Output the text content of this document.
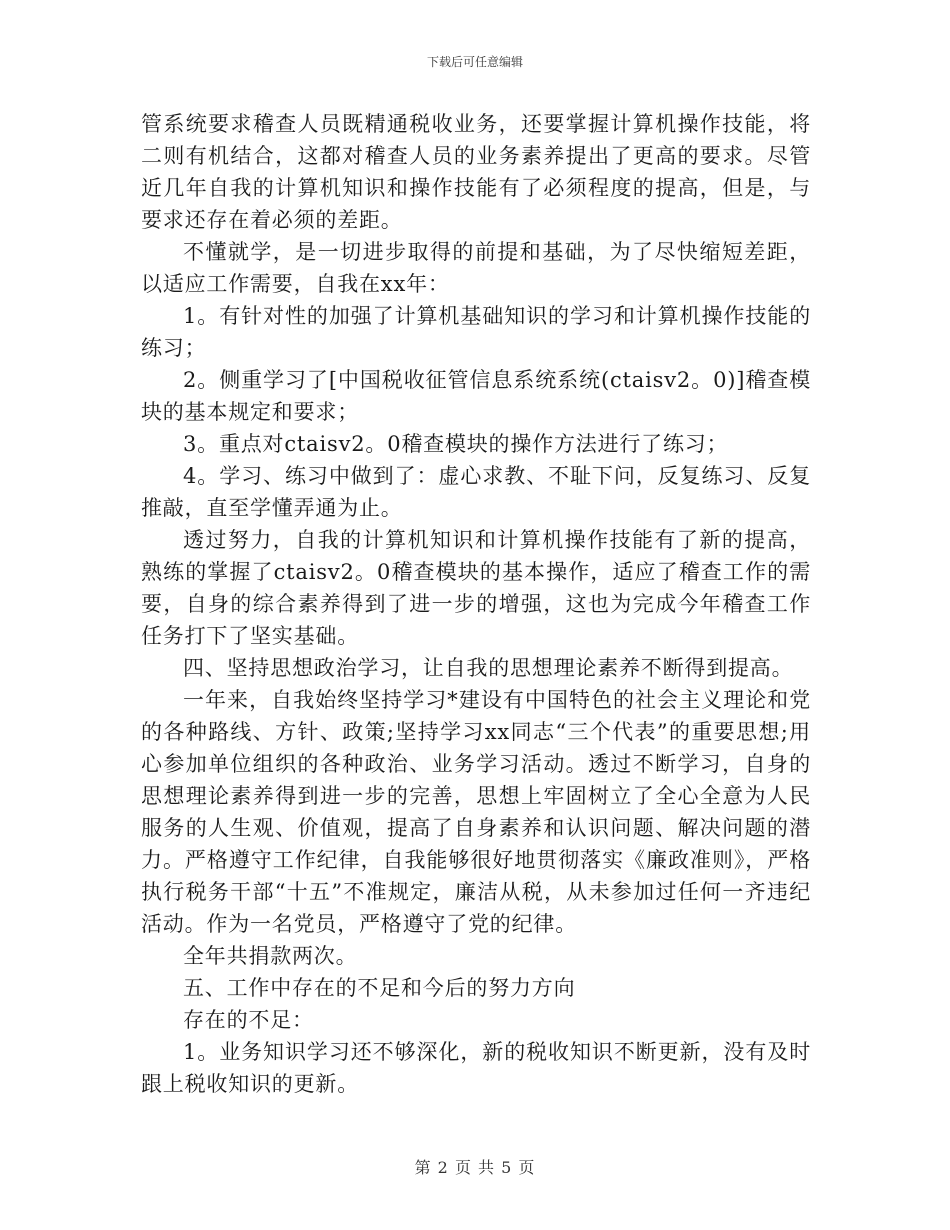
下载后可任意编辑

管系统要求稽查人员既精通税收业务，还要掌握计算机操作技能，将二则有机结合，这都对稽查人员的业务素养提出了更高的要求。尽管近几年自我的计算机知识和操作技能有了必须程度的提高，但是，与要求还存在着必须的差距。

不懂就学，是一切进步取得的前提和基础，为了尽快缩短差距，以适应工作需要，自我在xx年：

1。有针对性的加强了计算机基础知识的学习和计算机操作技能的练习；

2。侧重学习了[中国税收征管信息系统系统(ctaisv2。0)]稽查模块的基本规定和要求；

3。重点对ctaisv2。0稽查模块的操作方法进行了练习；

4。学习、练习中做到了：虚心求教、不耻下问，反复练习、反复推敲，直至学懂弄通为止。

透过努力，自我的计算机知识和计算机操作技能有了新的提高，熟练的掌握了ctaisv2。0稽查模块的基本操作，适应了稽查工作的需要，自身的综合素养得到了进一步的增强，这也为完成今年稽查工作任务打下了坚实基础。

四、坚持思想政治学习，让自我的思想理论素养不断得到提高。

一年来，自我始终坚持学习*建设有中国特色的社会主义理论和党的各种路线、方针、政策;坚持学习xx同志“三个代表”的重要思想;用心参加单位组织的各种政治、业务学习活动。透过不断学习，自身的思想理论素养得到进一步的完善，思想上牢固树立了全心全意为人民服务的人生观、价值观，提高了自身素养和认识问题、解决问题的潜力。严格遵守工作纪律，自我能够很好地贯彻落实《廉政准则》，严格执行税务干部“十五”不准规定，廉洁从税，从未参加过任何一齐违纪活动。作为一名党员，严格遵守了党的纪律。

全年共捐款两次。

五、工作中存在的不足和今后的努力方向

存在的不足：

1。业务知识学习还不够深化，新的税收知识不断更新，没有及时跟上税收知识的更新。

第 2 页 共 5 页
